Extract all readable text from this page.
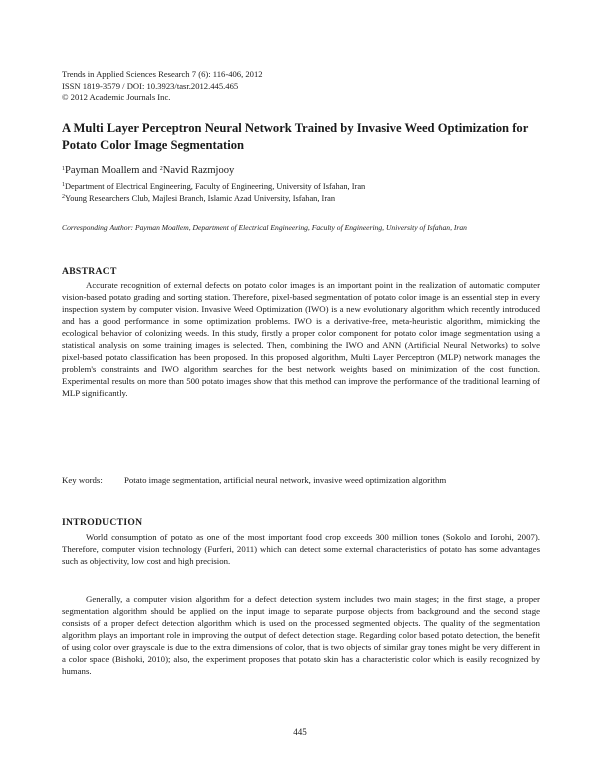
Trends in Applied Sciences Research 7 (6): 116-406, 2012
ISSN 1819-3579 / DOI: 10.3923/tasr.2012.445.465
© 2012 Academic Journals Inc.
A Multi Layer Perceptron Neural Network Trained by Invasive Weed Optimization for Potato Color Image Segmentation
$^1$Payman Moallem and $^2$Navid Razmjooy
$^1$Department of Electrical Engineering, Faculty of Engineering, University of Isfahan, Iran
$^2$Young Researchers Club, Majlesi Branch, Islamic Azad University, Isfahan, Iran
Corresponding Author: Payman Moallem, Department of Electrical Engineering, Faculty of Engineering, University of Isfahan, Iran
ABSTRACT

Accurate recognition of external defects on potato color images is an important point in the realization of automatic computer vision-based potato grading and sorting station. Therefore, pixel-based segmentation of potato color image is an essential step in every inspection system by computer vision. Invasive Weed Optimization (IWO) is a new evolutionary algorithm which recently introduced and has a good performance in some optimization problems. IWO is a derivative-free, meta-heuristic algorithm, mimicking the ecological behavior of colonizing weeds. In this study, firstly a proper color component for potato color image segmentation using a statistical analysis on some training images is selected. Then, combining the IWO and ANN (Artificial Neural Networks) to solve pixel-based potato classification has been proposed. In this proposed algorithm, Multi Layer Perceptron (MLP) network manages the problem's constraints and IWO algorithm searches for the best network weights based on minimization of the cost function. Experimental results on more than 500 potato images show that this method can improve the performance of the traditional learning of MLP significantly.

Key words:	Potato image segmentation, artificial neural network, invasive weed optimization algorithm
INTRODUCTION

World consumption of potato as one of the most important food crop exceeds 300 million tones (Sokolo and Iorohi, 2007). Therefore, computer vision technology (Furferi, 2011) which can detect some external characteristics of potato has some advantages such as objectivity, low cost and high precision.

Generally, a computer vision algorithm for a defect detection system includes two main stages; in the first stage, a proper segmentation algorithm should be applied on the input image to separate purpose objects from background and the second stage consists of a proper defect detection algorithm which is used on the processed segmented objects. The quality of the segmentation algorithm plays an important role in improving the output of defect detection stage. Regarding color based potato detection, the benefit of using color over grayscale is due to the extra dimensions of color, that is two objects of similar gray tones might be very different in a color space (Bishoki, 2010); also, the experiment proposes that potato skin has a characteristic color which is easily recognized by humans.

445
